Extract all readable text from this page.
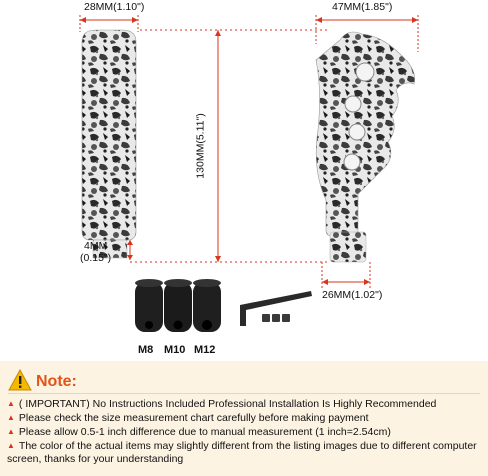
28MM(1.10")	47MM(1.85")
130MM(5.11")
4MM
(0.15")
26MM(1.02")
M8 M10 M12
Note:
▲ ( IMPORTANT) No Instructions Included Professional Installation Is Highly Recommended
▲ Please check the size measurement chart carefully before making payment
▲ Please allow 0.5-1 inch difference due to manual measurement (1 inch=2.54cm)
▲ The color of the actual items may slightly different from the listing images due to different computer
screen, thanks for your understanding
